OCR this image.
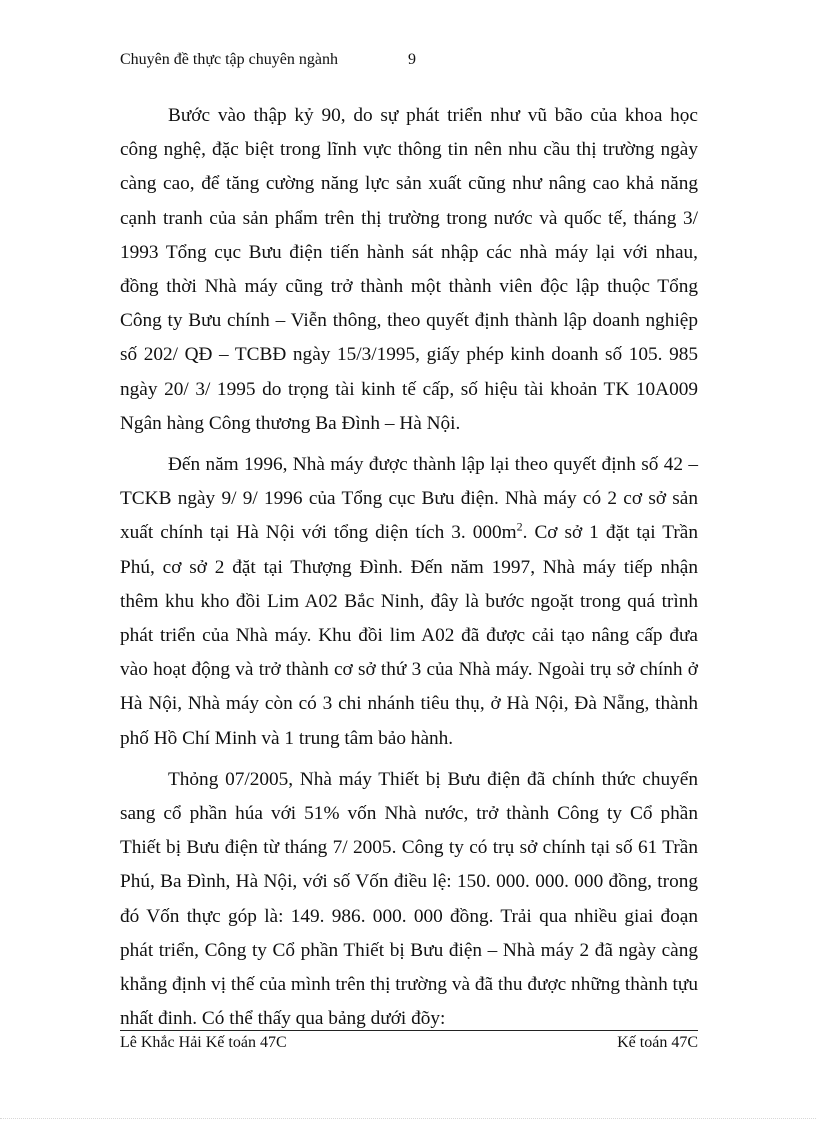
Chuyên đề thực tập chuyên ngành	9

Bước vào thập kỷ 90, do sự phát triển như vũ bão của khoa học công nghệ, đặc biệt trong lĩnh vực thông tin nên nhu cầu thị trường ngày càng cao, để tăng cường năng lực sản xuất cũng như nâng cao khả năng cạnh tranh của sản phẩm trên thị trường trong nước và quốc tế, tháng 3/ 1993 Tổng cục Bưu điện tiến hành sát nhập các nhà máy lại với nhau, đồng thời Nhà máy cũng trở thành một thành viên độc lập thuộc Tổng Công ty Bưu chính – Viễn thông, theo quyết định thành lập doanh nghiệp số 202/ QĐ – TCBĐ ngày 15/3/1995, giấy phép kinh doanh số 105. 985 ngày 20/ 3/ 1995 do trọng tài kinh tế cấp, số hiệu tài khoản TK 10A009 Ngân hàng Công thương Ba Đình – Hà Nội.

Đến năm 1996, Nhà máy được thành lập lại theo quyết định số 42 – TCKB ngày 9/ 9/ 1996 của Tổng cục Bưu điện. Nhà máy có 2 cơ sở sản xuất chính tại Hà Nội với tổng diện tích 3. $000m^2$. Cơ sở 1 đặt tại Trần Phú, cơ sở 2 đặt tại Thượng Đình. Đến năm 1997, Nhà máy tiếp nhận thêm khu kho đồi Lim A02 Bắc Ninh, đây là bước ngoặt trong quá trình phát triển của Nhà máy. Khu đồi lim A02 đã được cải tạo nâng cấp đưa vào hoạt động và trở thành cơ sở thứ 3 của Nhà máy. Ngoài trụ sở chính ở Hà Nội, Nhà máy còn có 3 chi nhánh tiêu thụ, ở Hà Nội, Đà Nẵng, thành phố Hồ Chí Minh và 1 trung tâm bảo hành.

Thỏng 07/2005, Nhà máy Thiết bị Bưu điện đã chính thức chuyển sang cổ phần húa với 51% vốn Nhà nước, trở thành Công ty Cổ phần Thiết bị Bưu điện từ tháng 7/ 2005. Công ty có trụ sở chính tại số 61 Trần Phú, Ba Đình, Hà Nội, với số Vốn điều lệ: 150. 000. 000. 000 đồng, trong đó Vốn thực góp là: 149. 986. 000. 000 đồng. Trải qua nhiều giai đoạn phát triển, Công ty Cổ phần Thiết bị Bưu điện – Nhà máy 2 đã ngày càng khẳng định vị thế của mình trên thị trường và đã thu được những thành tựu nhất đinh. Có thể thấy qua bảng dưới đõy:

Lê Khắc Hải Kế toán 47C	Kế toán 47C
